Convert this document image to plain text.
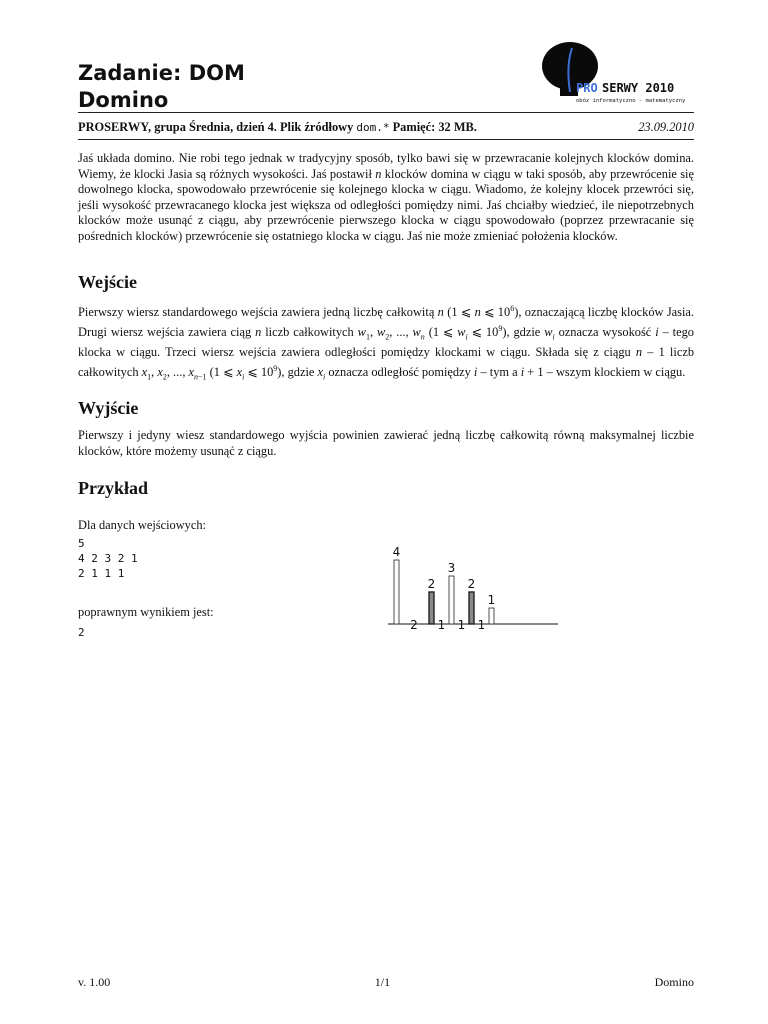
Zadanie: DOM
Domino	PRO SERWY 2010
obóz informatyczno - matematyczny
PROSERWY, grupa Średnia, dzień 4. Plik źródłowy dom.* Pamięć: 32 MB.	23.09.2010

Jaś układa domino. Nie robi tego jednak w tradycyjny sposób, tylko bawi się w przewracanie kolejnych klocków domina. Wiemy, że klocki Jasia są różnych wysokości. Jaś postawił n klocków domina w ciągu w taki sposób, aby przewrócenie się dowolnego klocka, spowodowało przewrócenie się kolejnego klocka w ciągu. Wiadomo, że kolejny klocek przewróci się, jeśli wysokość przewracanego klocka jest większa od odległości pomiędzy nimi. Jaś chciałby wiedzieć, ile niepotrzebnych klocków może usunąć z ciągu, aby przewrócenie pierwszego klocka w ciągu spowodowało (poprzez przewracanie się pośrednich klocków) przewrócenie się ostatniego klocka w ciągu. Jaś nie może zmieniać położenia klocków.

Wejście

Pierwszy wiersz standardowego wejścia zawiera jedną liczbę całkowitą n (1 ⩽ n ⩽ $10^6$), oznaczającą liczbę klocków Jasia. Drugi wiersz wejścia zawiera ciąg n liczb całkowitych $w_1$, $w_2$, ..., $w_n$ (1 ⩽ $w_i$ ⩽ $10^9$), gdzie $w_i$ oznacza wysokość i – tego klocka w ciągu. Trzeci wiersz wejścia zawiera odległości pomiędzy klockami w ciągu. Składa się z ciągu n – 1 liczb całkowitych $x_1$, $x_2$, ..., $x_{n-1}$ (1 ⩽ $x_i$ ⩽ $10^9$), gdzie $x_i$ oznacza odległość pomiędzy i – tym a i + 1 – wszym klockiem w ciągu.

Wyjście

Pierwszy i jedyny wiesz standardowego wyjścia powinien zawierać jedną liczbę całkowitą równą maksymalnej liczbie klocków, które możemy usunąć z ciągu.

Przykład
Dla danych wejściowych:
5
4 2 3 2 1
2 1 1 1
poprawnym wynikiem jest:
2
4
2
3
2
1
2 1 1 1
v. 1.00	1/1	Domino
